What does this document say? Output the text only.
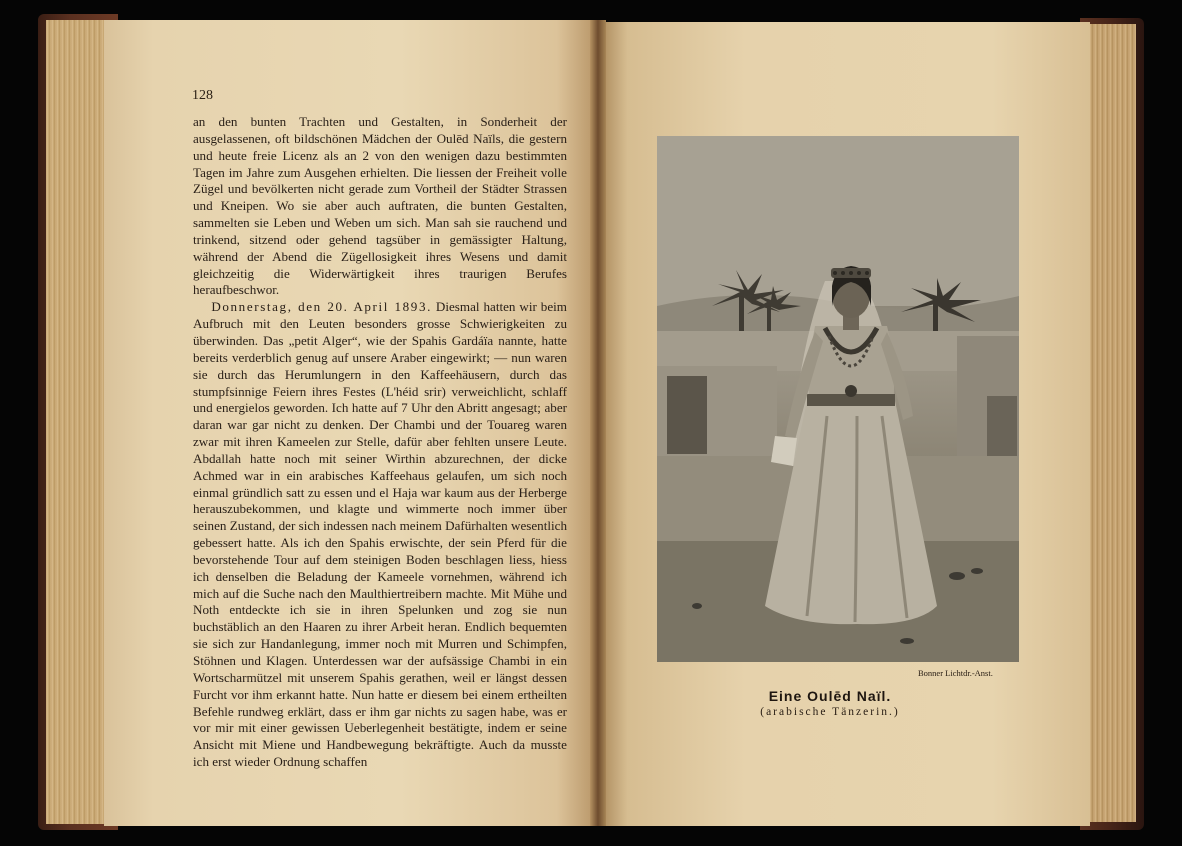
128

an den bunten Trachten und Gestalten, in Sonderheit der ausgelassenen, oft bildschönen Mädchen der Oulēd Naïls, die gestern und heute freie Licenz als an 2 von den wenigen dazu bestimmten Tagen im Jahre zum Ausgehen erhielten. Die liessen der Freiheit volle Zügel und bevölkerten nicht gerade zum Vortheil der Städter Strassen und Kneipen. Wo sie aber auch auftraten, die bunten Gestalten, sammelten sie Leben und Weben um sich. Man sah sie rauchend und trinkend, sitzend oder gehend tagsüber in gemässigter Haltung, während der Abend die Zügellosigkeit ihres Wesens und damit gleichzeitig die Widerwärtigkeit ihres traurigen Berufes heraufbeschwor.

Donnerstag, den 20. April 1893. Diesmal hatten wir beim Aufbruch mit den Leuten besonders grosse Schwierigkeiten zu überwinden. Das „petit Alger“, wie der Spahis Gardáïa nannte, hatte bereits verderblich genug auf unsere Araber eingewirkt; — nun waren sie durch das Herumlungern in den Kaffeehäusern, durch das stumpfsinnige Feiern ihres Festes (L'héid srir) verweichlicht, schlaff und energielos geworden. Ich hatte auf 7 Uhr den Abritt angesagt; aber daran war gar nicht zu denken. Der Chambi und der Touareg waren zwar mit ihren Kameelen zur Stelle, dafür aber fehlten unsere Leute. Abdallah hatte noch mit seiner Wirthin abzurechnen, der dicke Achmed war in ein arabisches Kaffeehaus gelaufen, um sich noch einmal gründlich satt zu essen und el Haja war kaum aus der Herberge herauszubekommen, und klagte und wimmerte noch immer über seinen Zustand, der sich indessen nach meinem Dafürhalten wesentlich gebessert hatte. Als ich den Spahis erwischte, der sein Pferd für die bevorstehende Tour auf dem steinigen Boden beschlagen liess, hiess ich denselben die Beladung der Kameele vornehmen, während ich mich auf die Suche nach den Maulthiertreibern machte. Mit Mühe und Noth entdeckte ich sie in ihren Spelunken und zog sie nun buchstäblich an den Haaren zu ihrer Arbeit heran. Endlich bequemten sie sich zur Handanlegung, immer noch mit Murren und Schimpfen, Stöhnen und Klagen. Unterdessen war der aufsässige Chambi in ein Wortscharmützel mit unserem Spahis gerathen, weil er längst dessen Furcht vor ihm erkannt hatte. Nun hatte er diesem bei einem ertheilten Befehle rundweg erklärt, dass er ihm gar nichts zu sagen habe, was er vor mir mit einer gewissen Ueberlegenheit bestätigte, indem er seine Ansicht mit Miene und Handbewegung bekräftigte. Auch da musste ich erst wieder Ordnung schaffen

Bonner Lichtdr.-Anst.
Eine Oulēd Naïl.
(arabische Tänzerin.)
